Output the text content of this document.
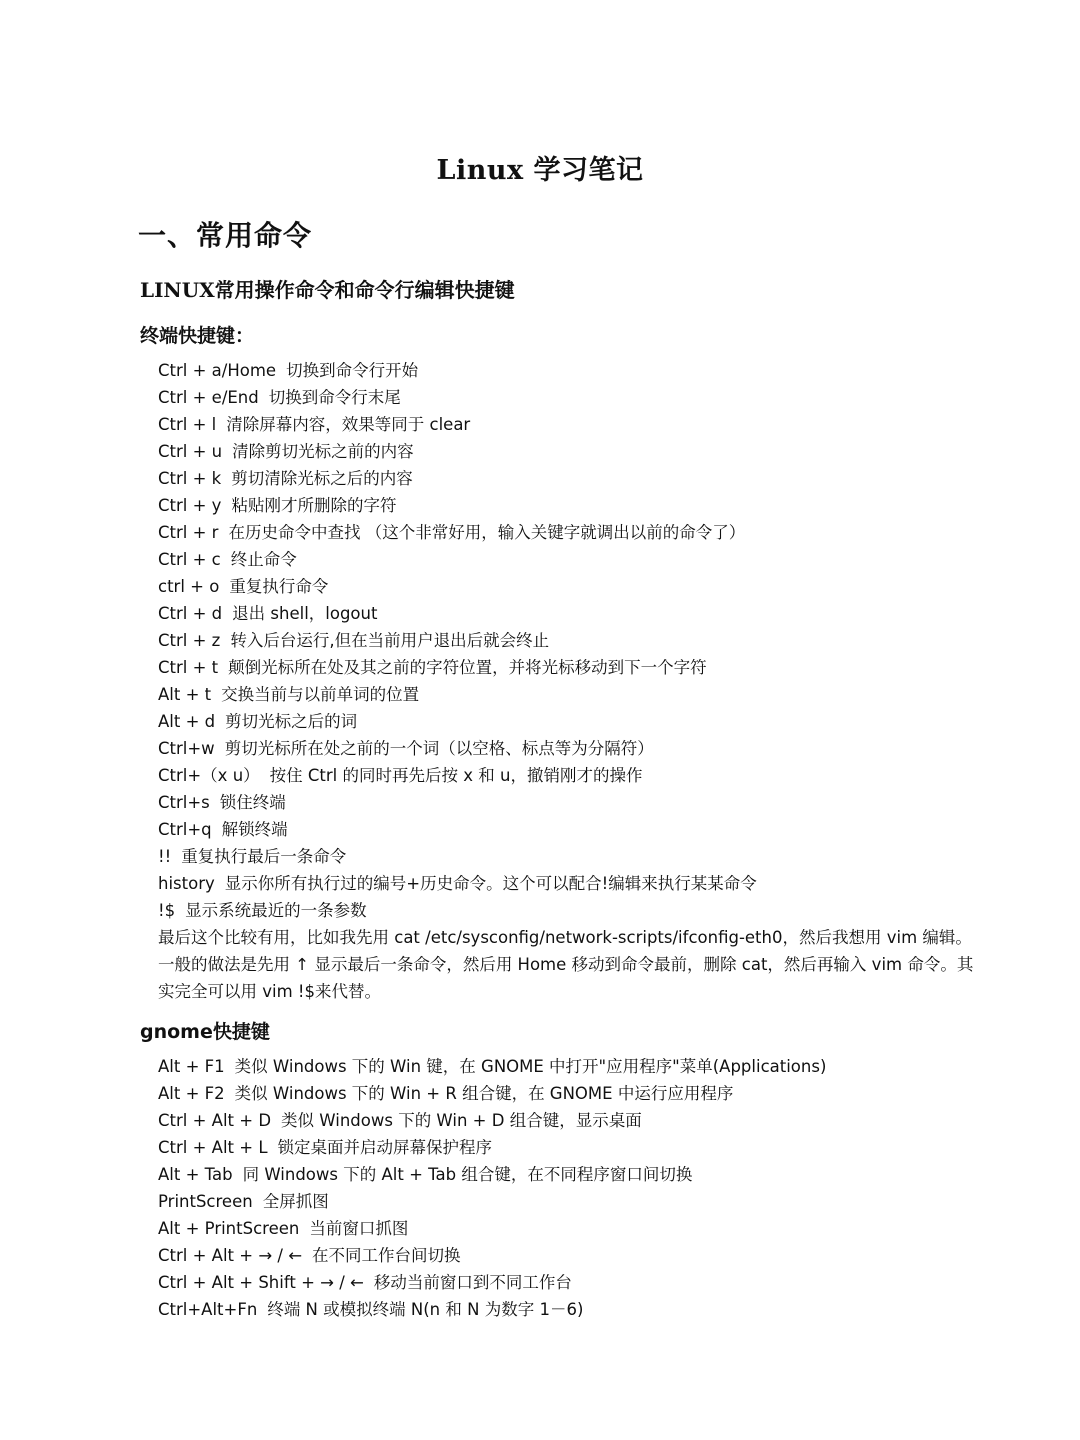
Linux 学习笔记
一、常用命令
LINUX常用操作命令和命令行编辑快捷键
终端快捷键：
Ctrl + a/Home 切换到命令行开始
Ctrl + e/End 切换到命令行末尾
Ctrl + l 清除屏幕内容，效果等同于 clear
Ctrl + u 清除剪切光标之前的内容
Ctrl + k 剪切清除光标之后的内容
Ctrl + y 粘贴刚才所删除的字符
Ctrl + r 在历史命令中查找 （这个非常好用，输入关键字就调出以前的命令了）
Ctrl + c 终止命令
ctrl + o 重复执行命令
Ctrl + d 退出 shell，logout
Ctrl + z 转入后台运行,但在当前用户退出后就会终止
Ctrl + t 颠倒光标所在处及其之前的字符位置，并将光标移动到下一个字符
Alt + t 交换当前与以前单词的位置
Alt + d 剪切光标之后的词
Ctrl+w 剪切光标所在处之前的一个词（以空格、标点等为分隔符）
Ctrl+（x u） 按住 Ctrl 的同时再先后按 x 和 u，撤销刚才的操作
Ctrl+s 锁住终端
Ctrl+q 解锁终端
!! 重复执行最后一条命令
history 显示你所有执行过的编号+历史命令。这个可以配合!编辑来执行某某命令
!$ 显示系统最近的一条参数

最后这个比较有用，比如我先用 cat /etc/sysconfig/network-scripts/ifconfig-eth0，然后我想用 vim 编辑。一般的做法是先用 ↑ 显示最后一条命令，然后用 Home 移动到命令最前，删除 cat，然后再输入 vim 命令。其实完全可以用 vim !$来代替。

gnome快捷键
Alt + F1 类似 Windows 下的 Win 键，在 GNOME 中打开"应用程序"菜单(Applications)
Alt + F2 类似 Windows 下的 Win + R 组合键，在 GNOME 中运行应用程序
Ctrl + Alt + D 类似 Windows 下的 Win + D 组合键，显示桌面
Ctrl + Alt + L 锁定桌面并启动屏幕保护程序
Alt + Tab 同 Windows 下的 Alt + Tab 组合键，在不同程序窗口间切换
PrintScreen 全屏抓图
Alt + PrintScreen 当前窗口抓图
Ctrl + Alt + → / ← 在不同工作台间切换
Ctrl + Alt + Shift + → / ← 移动当前窗口到不同工作台
Ctrl+Alt+Fn 终端 N 或模拟终端 N(n 和 N 为数字 1－6)
